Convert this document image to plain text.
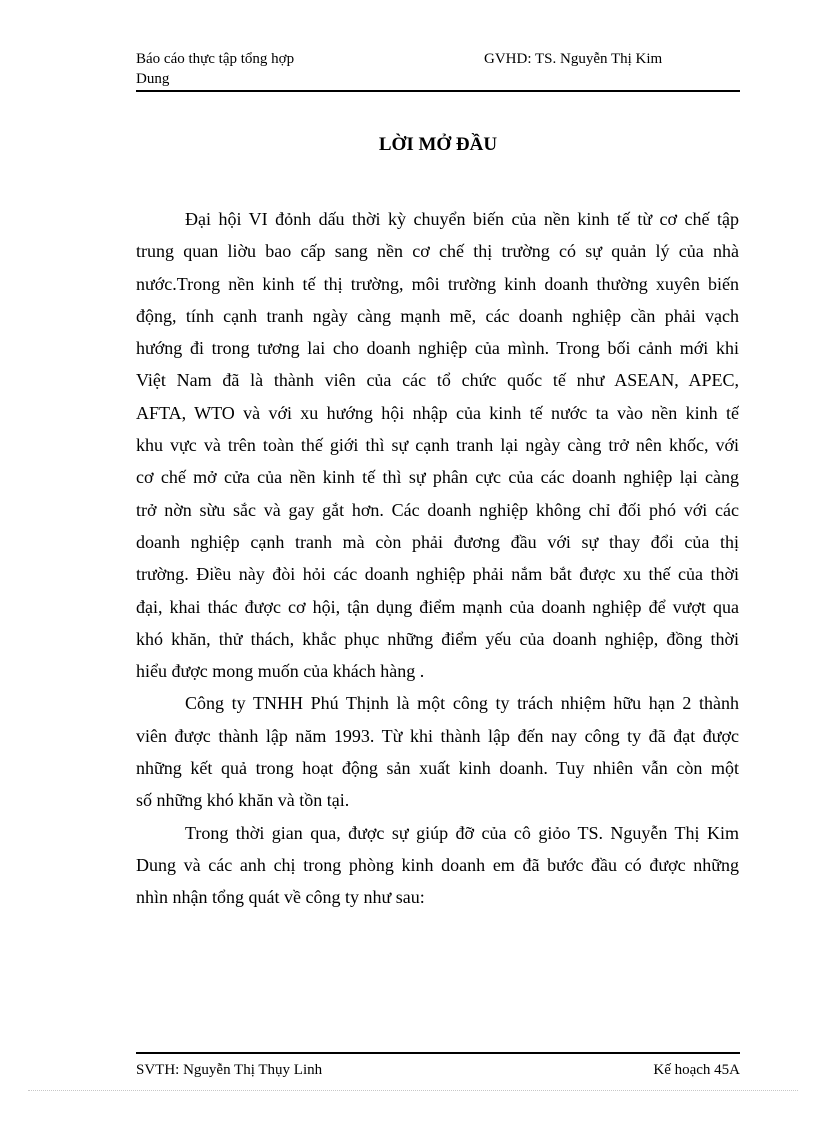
Báo cáo thực tập tổng hợp	GVHD: TS. Nguyễn Thị Kim
Dung
LỜI MỞ ĐẦU
Đại hội VI đỏnh dấu thời kỳ chuyển biến của nền kinh tế từ cơ chế tập
trung quan liờu bao cấp sang nền cơ chế thị trường có sự quản lý của nhà
nước.Trong nền kinh tế thị trường, môi trường kinh doanh thường xuyên biến
động, tính cạnh tranh ngày càng mạnh mẽ, các doanh nghiệp cần phải vạch
hướng đi trong tương lai cho doanh nghiệp của mình. Trong bối cảnh mới khi
Việt Nam đã là thành viên của các tổ chức quốc tế như ASEAN, APEC,
AFTA, WTO và với xu hướng hội nhập của kinh tế nước ta vào nền kinh tế
khu vực và trên toàn thế giới thì sự cạnh tranh lại ngày càng trở nên khốc, với
cơ chế mở cửa của nền kinh tế thì sự phân cực của các doanh nghiệp lại càng
trở nờn sừu sắc và gay gắt hơn. Các doanh nghiệp không chỉ đối phó với các
doanh nghiệp cạnh tranh mà còn phải đương đầu với sự thay đổi của thị
trường. Điều này đòi hỏi các doanh nghiệp phải nắm bắt được xu thế của thời
đại, khai thác được cơ hội, tận dụng điểm mạnh của doanh nghiệp để vượt qua
khó khăn, thử thách, khắc phục những điểm yếu của doanh nghiệp, đồng thời
hiểu được mong muốn của khách hàng .
Công ty TNHH Phú Thịnh là một công ty trách nhiệm hữu hạn 2 thành
viên được thành lập năm 1993. Từ khi thành lập đến nay công ty đã đạt được
những kết quả trong hoạt động sản xuất kinh doanh. Tuy nhiên vẫn còn một
số những khó khăn và tồn tại.
Trong thời gian qua, được sự giúp đỡ của cô giỏo TS. Nguyễn Thị Kim
Dung và các anh chị trong phòng kinh doanh em đã bước đầu có được những
nhìn nhận tổng quát về công ty như sau:
SVTH: Nguyễn Thị Thụy Linh	Kế hoạch 45A
